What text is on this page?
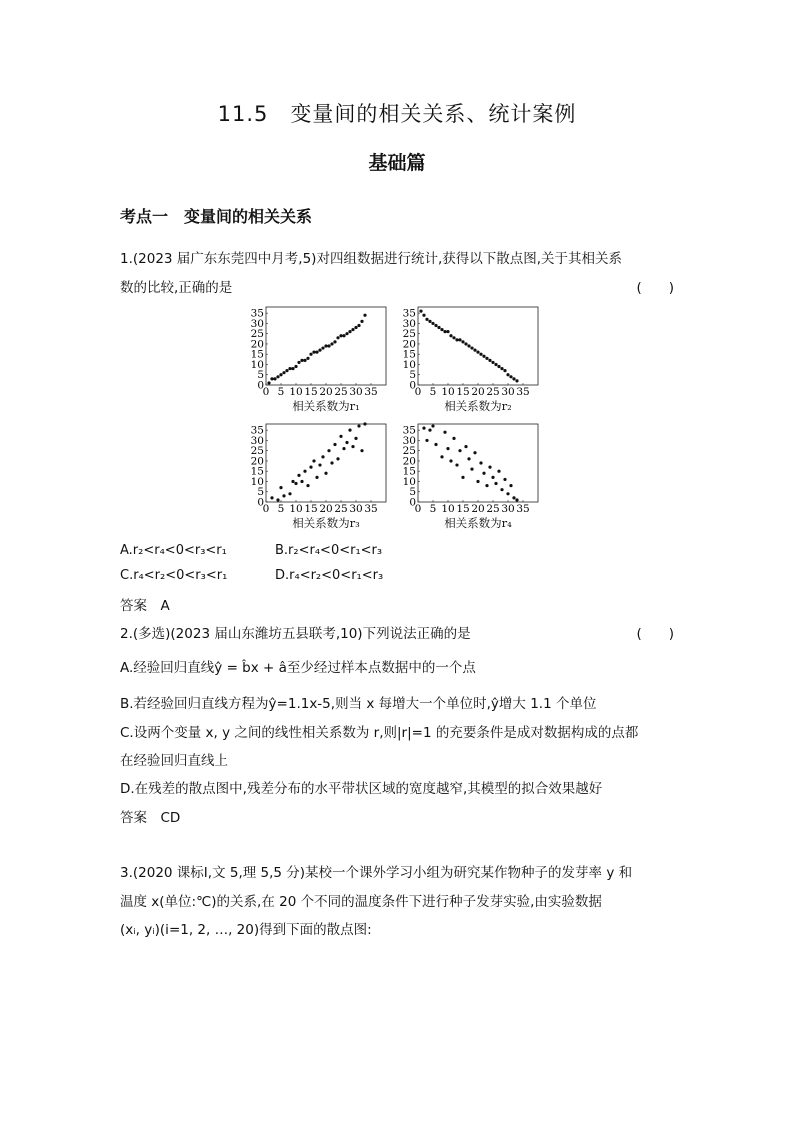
11.5　变量间的相关关系、统计案例
基础篇
考点一　变量间的相关关系
1.(2023 届广东东莞四中月考,5)对四组数据进行统计,获得以下散点图,关于其相关系
数的比较,正确的是	(　　)
0 5 10 15 20 25 30 35
0
5
10
15
20
25
30
35
0 5 10 15 20 25 30 35
0
5
10
15
20
25
30
35
0 5 10 15 20 25 30 35
0
5
10
15
20
25
30
35
0 5 10 15 20 25 30 35
0
5
10
15
20
25
30
35
相关系数为r₁	相关系数为r₂
相关系数为r₃	相关系数为r₄
A.r₂<r₄<0<r₃<r₁	B.r₂<r₄<0<r₁<r₃
C.r₄<r₂<0<r₃<r₁	D.r₄<r₂<0<r₁<r₃
答案　A
2.(多选)(2023 届山东潍坊五县联考,10)下列说法正确的是	(　　)
A.经验回归直线ŷ = b̂x + â至少经过样本点数据中的一个点
B.若经验回归直线方程为ŷ=1.1x-5,则当 x 每增大一个单位时,ŷ增大 1.1 个单位
C.设两个变量 x, y 之间的线性相关系数为 r,则|r|=1 的充要条件是成对数据构成的点都
在经验回归直线上
D.在残差的散点图中,残差分布的水平带状区域的宽度越窄,其模型的拟合效果越好
答案　CD
3.(2020 课标Ⅰ,文 5,理 5,5 分)某校一个课外学习小组为研究某作物种子的发芽率 y 和
温度 x(单位:℃)的关系,在 20 个不同的温度条件下进行种子发芽实验,由实验数据
(xᵢ, yᵢ)(i=1, 2, …, 20)得到下面的散点图:
